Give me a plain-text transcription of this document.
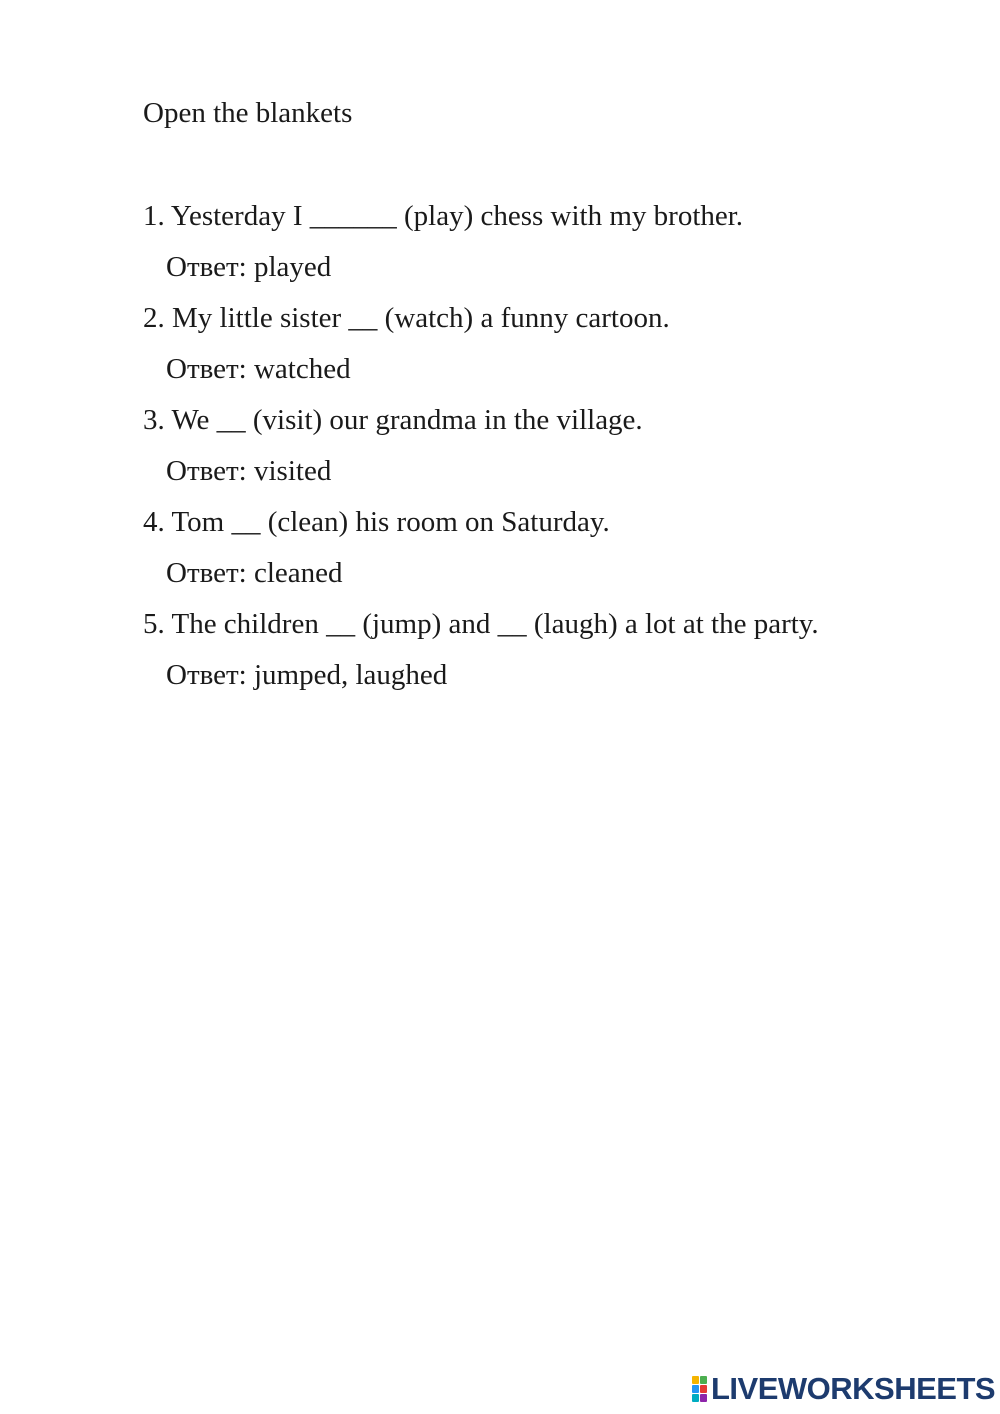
Open the blankets
1. Yesterday I ______ (play) chess with my brother.
Ответ: played
2. My little sister __ (watch) a funny cartoon.
Ответ: watched
3. We __ (visit) our grandma in the village.
Ответ: visited
4. Tom __ (clean) his room on Saturday.
Ответ: cleaned
5. The children __ (jump) and __ (laugh) a lot at the party.
Ответ: jumped, laughed
LIVEWORKSHEETS
